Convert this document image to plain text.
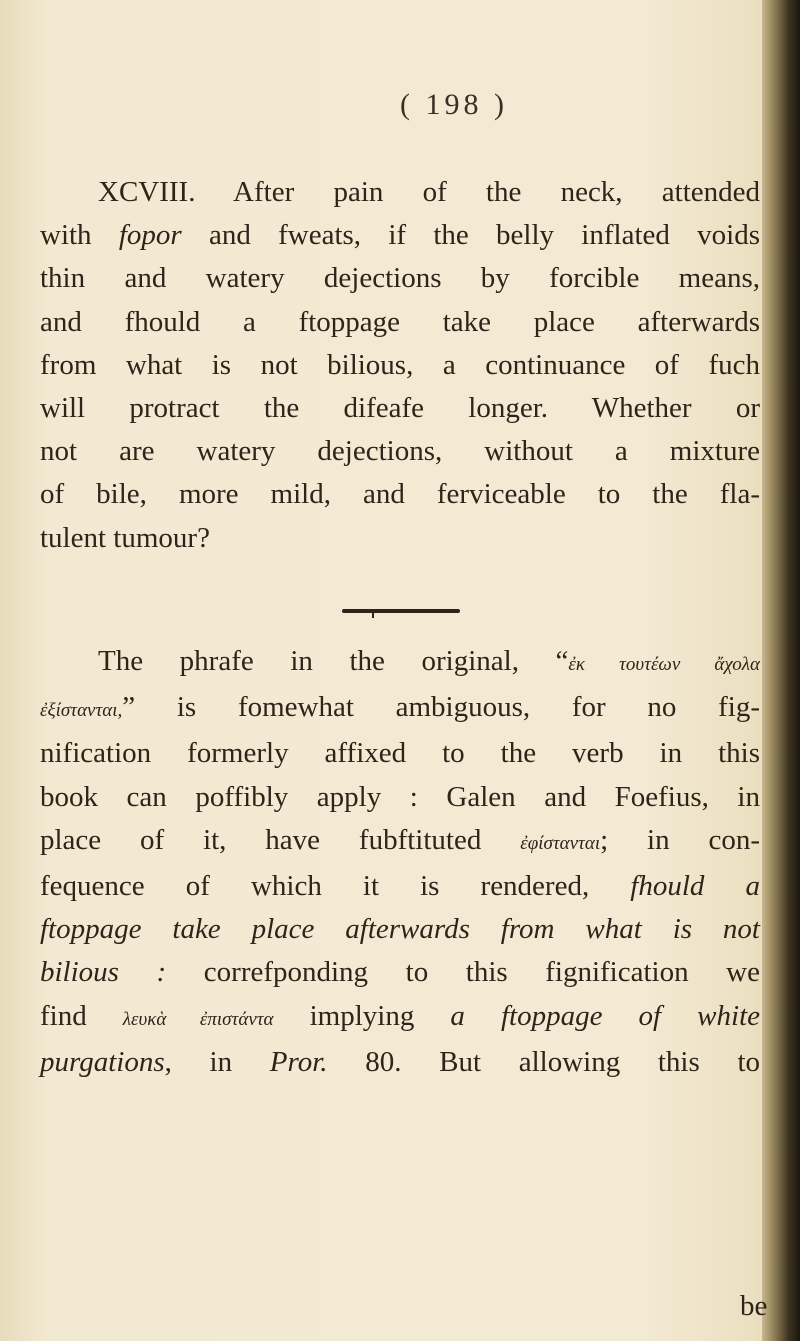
( 198 )
XCVIII. After pain of the neck, attended
with fopor and fweats, if the belly inflated voids
thin and watery dejections by forcible means,
and fhould a ftoppage take place afterwards
from what is not bilious, a continuance of fuch
will protract the difeafe longer. Whether or
not are watery dejections, without a mixture
of bile, more mild, and ferviceable to the fla-
tulent tumour?
The phrafe in the original, “ἐκ τουτέων ἄχολα
ἐξίστανται,” is fomewhat ambiguous, for no fig-
nification formerly affixed to the verb in this
book can poffibly apply : Galen and Foefius, in
place of it, have fubftituted ἐφίστανται; in con-
fequence of which it is rendered, fhould a
ftoppage take place afterwards from what is not
bilious : correfponding to this fignification we
find λευκὰ ἐπιστάντα implying a ftoppage of white
purgations, in Pror. 80. But allowing this to
be
